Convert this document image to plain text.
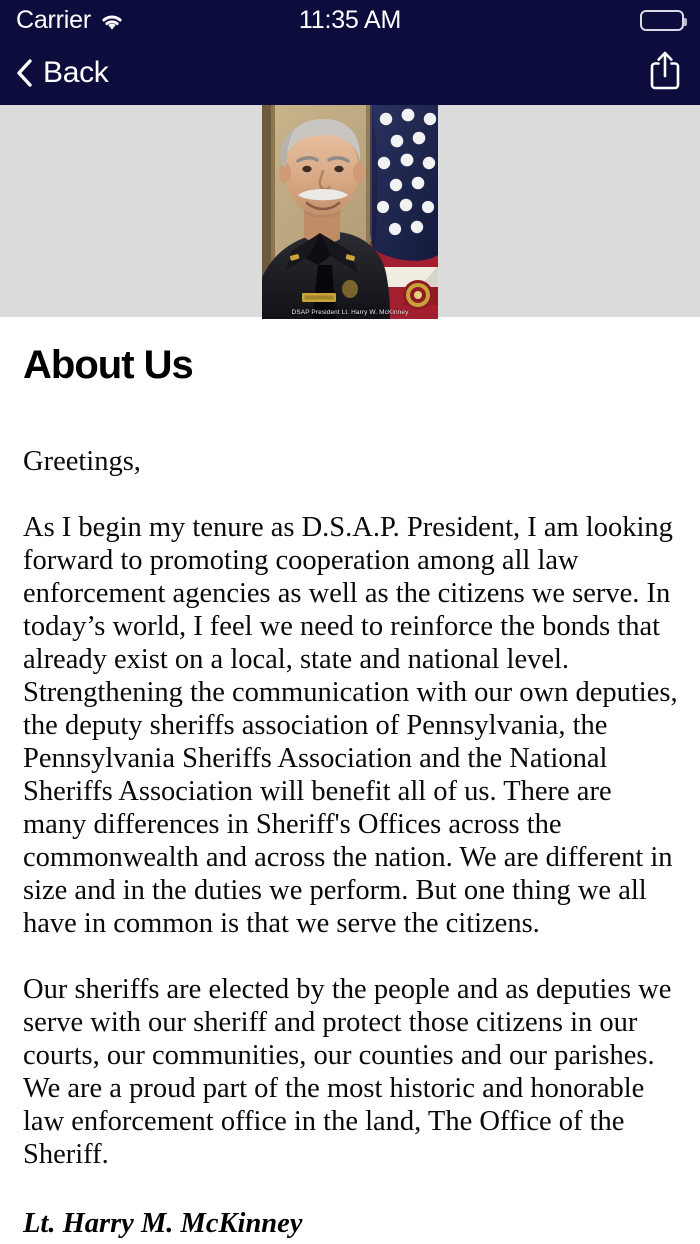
Carrier	11:35 AM
Back
DSAP President Lt. Harry W. McKinney
About Us

Greetings,

As I begin my tenure as D.S.A.P. President, I am looking forward to promoting cooperation among all law enforcement agencies as well as the citizens we serve. In today’s world, I feel we need to reinforce the bonds that already exist on a local, state and national level. Strengthening the communication with our own deputies, the deputy sheriffs association of Pennsylvania, the Pennsylvania Sheriffs Association and the National Sheriffs Association will benefit all of us. There are many differences in Sheriff's Offices across the commonwealth and across the nation. We are different in size and in the duties we perform. But one thing we all have in common is that we serve the citizens.

Our sheriffs are elected by the people and as deputies we serve with our sheriff and protect those citizens in our courts, our communities, our counties and our parishes. We are a proud part of the most historic and honorable law enforcement office in the land, The Office of the Sheriff.

Lt. Harry M. McKinney
